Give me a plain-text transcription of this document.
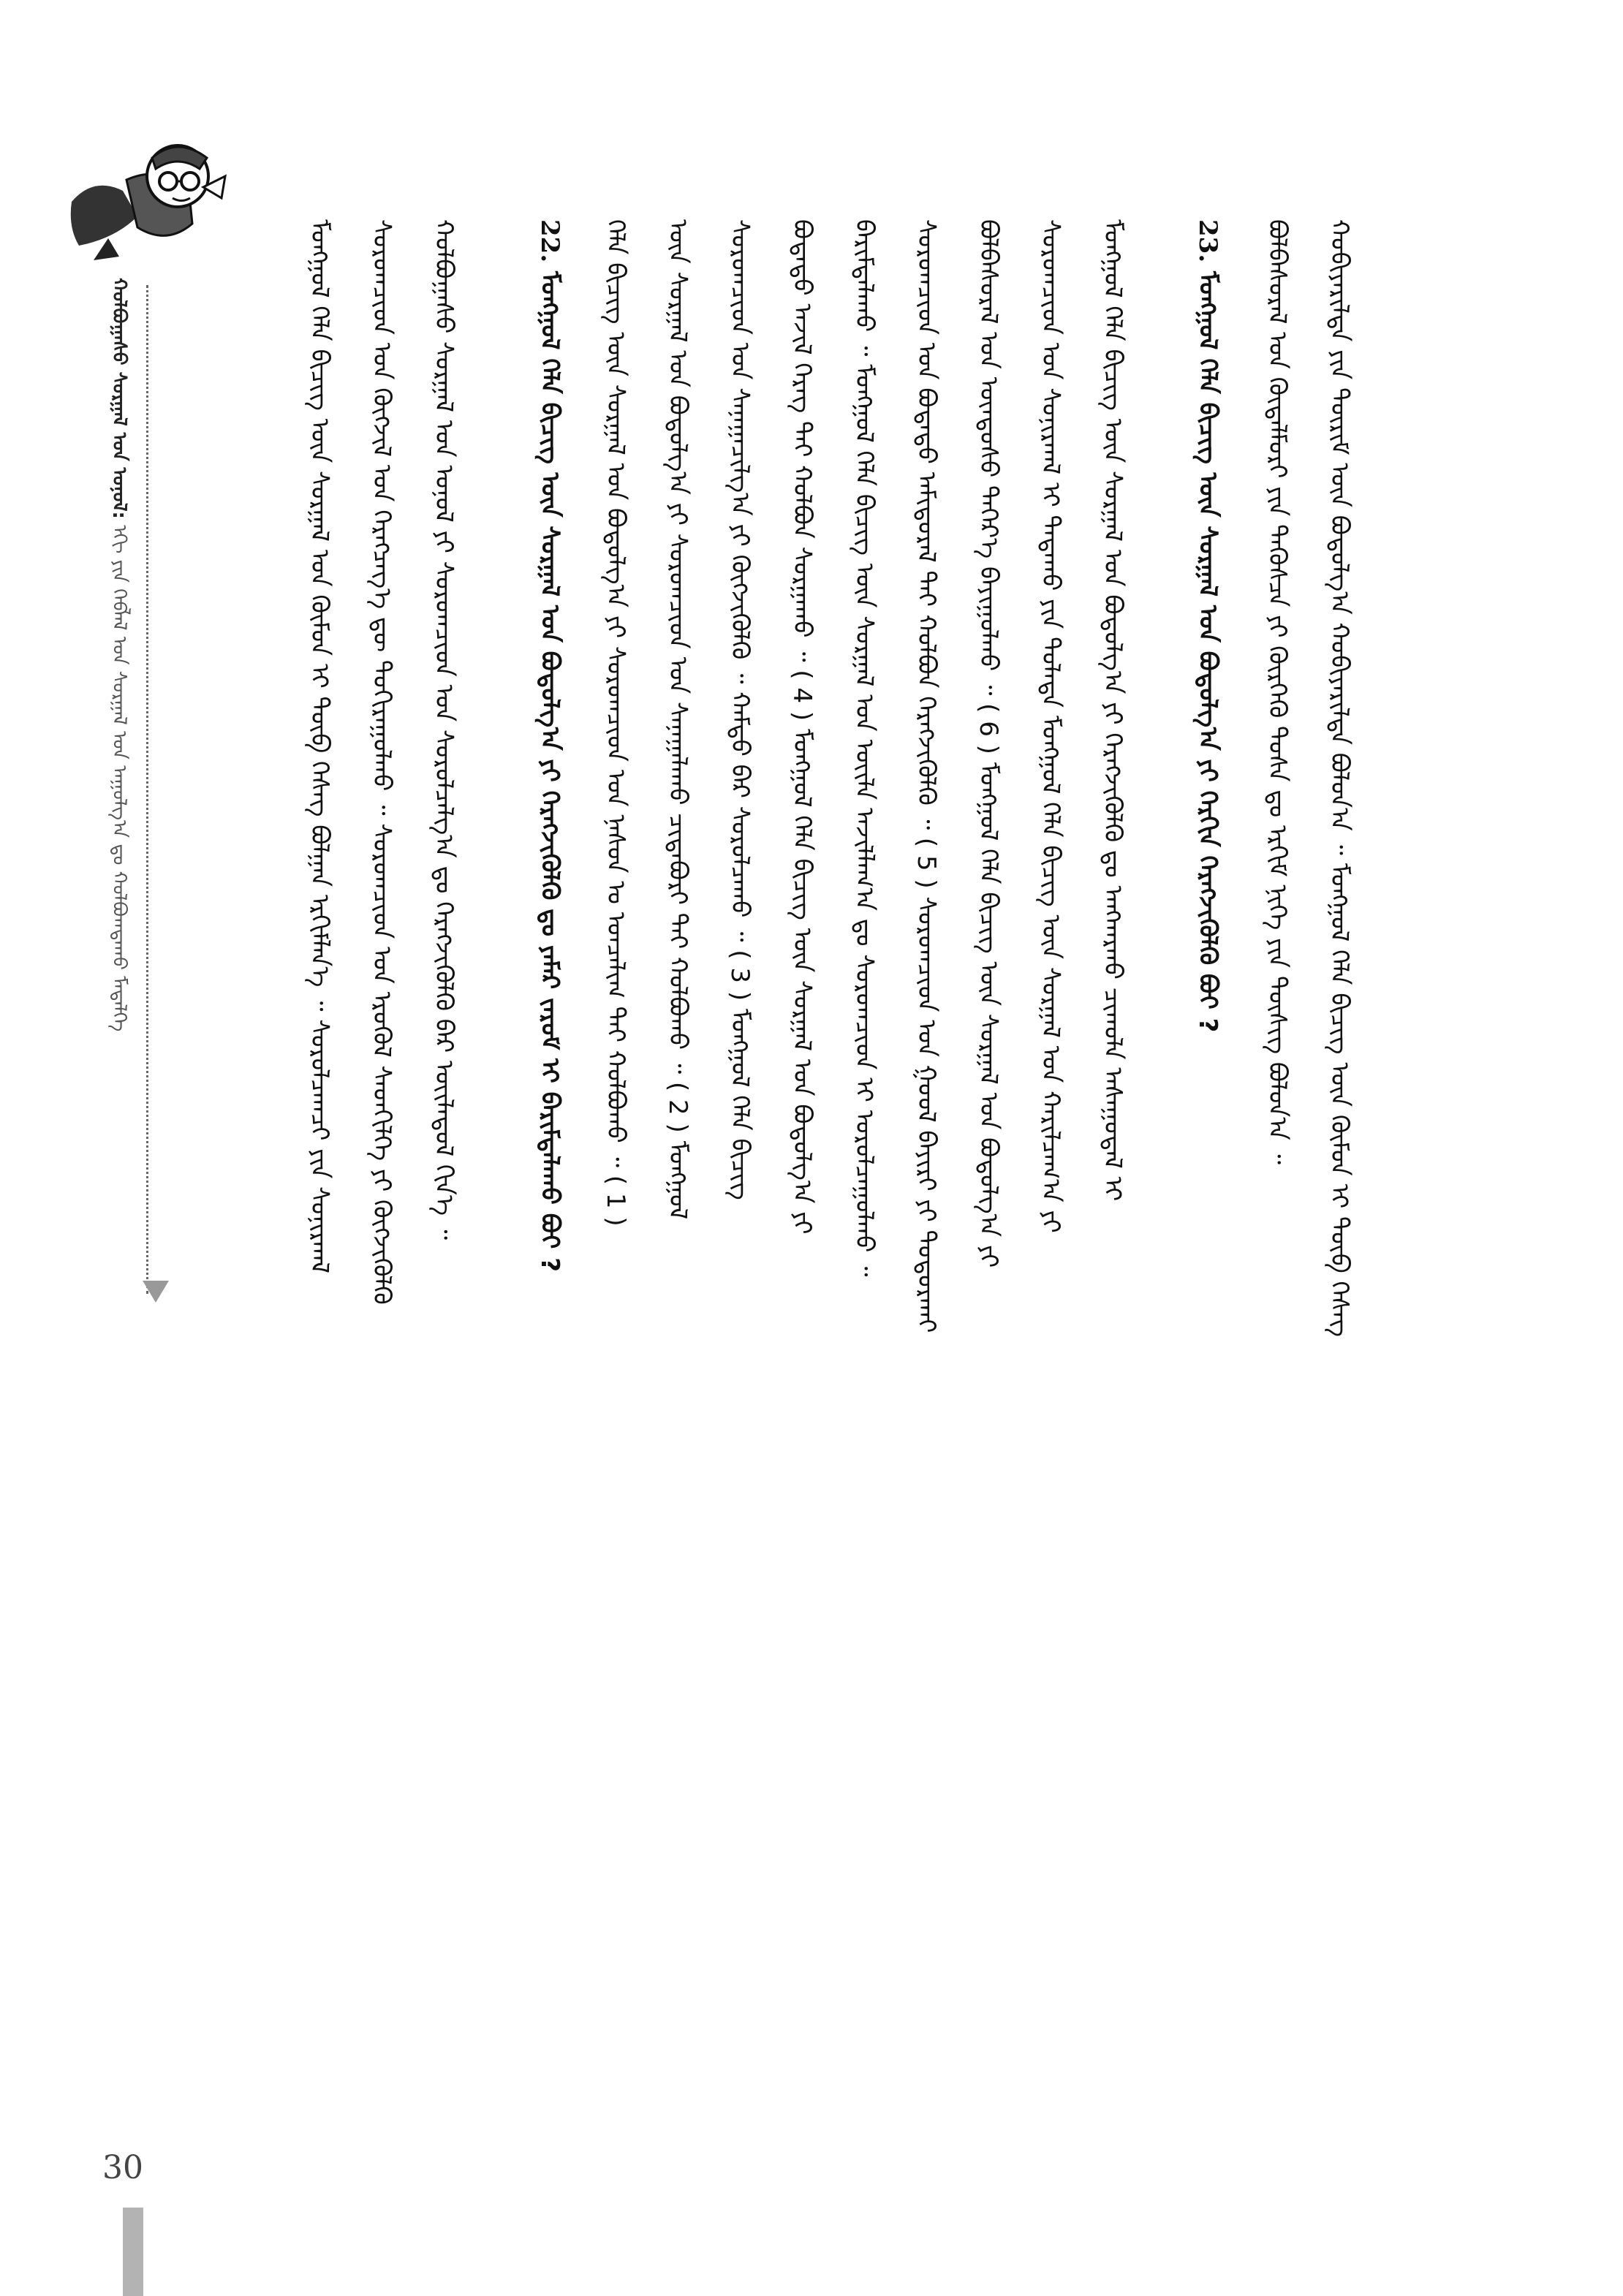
ᠬᠣᠯᠪᠣᠭᠠᠰᠤ ᠰᠤᠷᠭᠠᠯ ᠤᠨ ᠣᠨᠤᠯ: ᠡᠬᠢ ᠶᠢᠨ ᠬᠡᠪᠯᠡᠯ ᠤᠨ ᠰᠤᠷᠭᠠᠯ ᠤᠨ ᠠᠭᠤᠯᠭ᠎ᠠ ᠳᠤ ᠬᠣᠯᠪᠣᠭᠳᠠᠬᠤ ᠮᠡᠳᠡᠯᠭᠡ	ᠬᠤᠪᠢᠶᠠᠷᠢᠯᠳᠠ ᠶᠢᠨ ᠳᠦᠷᠢᠮ ᠦᠨ ᠪᠣᠳᠤᠯᠭ᠎ᠠ ᠬᠤᠪᠢᠶᠠᠷᠢᠯᠳᠠ ᠪᠣᠯᠤᠨ᠎ᠠ ᠃ ᠮᠣᠩᠭᠣᠯ ᠬᠡᠯᠡ ᠪᠢᠴᠢᠭ ᠦᠨ ᠬᠦᠮᠦᠨ ᠢ ᠲᠥᠪ ᠬᠡᠰᠡᠭ
ᠪᠣᠯᠪᠠᠰᠤᠷᠠᠯ ᠤᠨ ᠬᠦᠳᠡᠯᠮᠦᠷᠢ ᠶᠢᠨ ᠲᠡᠭᠦᠰᠴᠡ ᠶᠢ ᠬᠦᠷᠬᠡᠬᠦ ᠲᠤᠰᠠ ᠳᠤ ᠡᠷᠬᠢᠮ ᠨᠢᠭᠡ ᠶᠢᠨ ᠲᠦᠰᠢᠭ ᠪᠣᠯᠤᠨ᠎ᠠ ᠃
23. ᠮᠣᠩᠭᠣᠯ ᠬᠡᠯᠡ ᠪᠢᠴᠢᠭ ᠦᠨ ᠰᠤᠷᠭᠠᠯ ᠤᠨ ᠪᠣᠳᠣᠯᠭ᠎ᠠ ᠶᠢ ᠬᠡᠷᠬᠢᠨ ᠬᠡᠷᠡᠭᠵᠢᠭᠦᠯᠬᠦ ᠪᠤᠢ ?
ᠮᠣᠩᠭᠣᠯ ᠬᠡᠯᠡ ᠪᠢᠴᠢᠭ ᠦᠨ ᠰᠤᠷᠭᠠᠯ ᠤᠨ ᠪᠣᠳᠣᠯᠭ᠎ᠠ ᠶᠢ ᠬᠡᠷᠡᠭᠵᠢᠭᠦᠯᠬᠦ ᠳᠤ ᠠᠩᠬᠠᠷᠬᠤ ᠴᠢᠬᠤᠯᠠ ᠠᠰᠠᠭᠤᠳᠠᠯ ᠢ
ᠰᠤᠷᠤᠭᠴᠢᠳ ᠤᠨ ᠰᠣᠨᠢᠷᠬᠠᠯ ᠢ ᠲᠠᠲᠠᠬᠤ ᠶᠢᠨ ᠲᠤᠯᠠᠳᠠ ᠮᠣᠩᠭᠣᠯ ᠬᠡᠯᠡ ᠪᠢᠴᠢᠭ ᠦᠨ ᠰᠤᠷᠭᠠᠯ ᠤᠨ ᠬᠠᠷᠢᠯᠴᠠᠭ᠎ᠠ ᠶᠢ
ᠪᠣᠯᠪᠠᠰᠤᠷᠠᠯ ᠤᠨ ᠦᠨᠳᠦᠰᠦ ᠳᠡᠭᠡᠷ᠎ᠡ ᠪᠠᠶᠢᠭᠤᠯᠬᠤ ᠃ ( 6 ) ᠮᠣᠩᠭᠣᠯ ᠬᠡᠯᠡ ᠪᠢᠴᠢᠭ ᠦᠨ ᠰᠤᠷᠭᠠᠯ ᠤᠨ ᠪᠣᠳᠣᠯᠭ᠎ᠠ ᠶᠢ
ᠰᠤᠷᠤᠭᠴᠢᠳ ᠤᠨ ᠪᠣᠳᠠᠲᠤ ᠠᠮᠢᠳᠤᠷᠠᠯ ᠲᠠᠢ ᠬᠣᠯᠪᠣᠨ ᠬᠡᠷᠡᠭᠵᠢᠭᠦᠯᠬᠦ ᠃ ( 5 ) ᠰᠤᠷᠤᠭᠴᠢᠳ ᠤᠨ ᠭᠣᠣᠯ ᠪᠠᠶᠢᠷᠢ ᠶᠢ ᠲᠣᠳᠣᠷᠬᠠᠶ
ᠪᠠᠷᠢᠮᠲᠠᠯᠠᠬᠤ ᠃ ᠮᠣᠩᠭᠣᠯ ᠬᠡᠯᠡ ᠪᠢᠴᠢᠭ ᠦᠨ ᠰᠤᠷᠭᠠᠯ ᠤᠨ ᠦᠢᠯᠡ ᠠᠵᠢᠯᠯᠠᠭ᠎ᠠ ᠳᠤ ᠰᠤᠷᠤᠭᠴᠢᠳ ᠢ ᠣᠷᠣᠯᠴᠠᠭᠤᠯᠬᠤ ᠃
ᠪᠣᠳᠠᠲᠤ ᠠᠵᠢᠯ ᠬᠡᠷᠡᠭ ᠲᠡᠢ ᠬᠣᠯᠪᠣᠨ ᠰᠤᠷᠭᠠᠬᠤ ᠃ ( 4 ) ᠮᠣᠩᠭᠣᠯ ᠬᠡᠯᠡ ᠪᠢᠴᠢᠭ ᠦᠨ ᠰᠤᠷᠭᠠᠯ ᠤᠨ ᠪᠣᠳᠣᠯᠭ᠎ᠠ ᠶᠢ
ᠰᠤᠷᠤᠭᠴᠢᠳ ᠤᠨ ᠰᠠᠨᠠᠭᠠᠴᠢᠯᠭ᠎ᠠ ᠶᠢ ᠬᠥᠭᠵᠢᠭᠦᠯᠬᠦ ᠃ ᠬᠠᠮᠲᠤ ᠪᠡᠷ ᠰᠤᠷᠤᠯᠴᠠᠬᠤ ᠃ ( 3 ) ᠮᠣᠩᠭᠣᠯ ᠬᠡᠯᠡ ᠪᠢᠴᠢᠭ
ᠦᠨ ᠰᠤᠷᠭᠠᠯ ᠤᠨ ᠪᠣᠳᠣᠯᠭ᠎ᠠ ᠶᠢ ᠰᠤᠷᠤᠭᠴᠢᠳ ᠤᠨ ᠰᠠᠨᠠᠭᠠᠯᠠᠬᠤ ᠴᠢᠳᠠᠪᠤᠷᠢ ᠲᠠᠢ ᠬᠣᠯᠪᠣᠬᠤ ᠃ ( 2 ) ᠮᠣᠩᠭᠣᠯ
ᠬᠡᠯᠡ ᠪᠢᠴᠢᠭ ᠦᠨ ᠰᠤᠷᠭᠠᠯ ᠤᠨ ᠪᠣᠳᠣᠯᠭ᠎ᠠ ᠶᠢ ᠰᠤᠷᠤᠭᠴᠢᠳ ᠤᠨ ᠨᠠᠰᠤᠨ ᠤ ᠣᠨᠴᠠᠯᠢᠭ ᠲᠠᠢ ᠬᠣᠯᠪᠣᠬᠤ ᠃ ( 1 )
22. ᠮᠣᠩᠭᠣᠯ ᠬᠡᠯᠡ ᠪᠢᠴᠢᠭ ᠦᠨ ᠰᠤᠷᠭᠠᠯ ᠤᠨ ᠪᠣᠳᠣᠯᠭ᠎ᠠ ᠶᠢ ᠬᠡᠷᠡᠭᠵᠢᠭᠦᠯᠬᠦ ᠳᠤ ᠶᠠᠮᠠᠷ ᠵᠠᠷᠣᠮ ᠢ ᠪᠠᠷᠢᠮᠲᠠᠯᠠᠬᠤ ᠪᠤᠢ ?
ᠬᠣᠯᠪᠣᠭᠠᠰᠤ ᠰᠤᠷᠭᠠᠯ ᠤᠨ ᠣᠨᠤᠯ ᠶᠢ ᠰᠤᠷᠤᠭᠴᠢᠳ ᠤᠨ ᠰᠤᠷᠤᠯᠴᠠᠯᠭ᠎ᠠ ᠳᠤ ᠬᠡᠷᠡᠭᠵᠢᠭᠦᠯᠬᠦ ᠪᠠᠷ ᠦᠢᠯᠡᠳᠦᠯ ᠬᠢᠨ᠎ᠡ ᠃
ᠰᠤᠷᠤᠭᠴᠢᠳ ᠤᠨ ᠬᠥᠭᠵᠢᠯ ᠤᠨ ᠬᠡᠷᠡᠭᠴᠡᠭ᠎ᠡ ᠳᠦ ᠲᠣᠬᠢᠷᠠᠭᠤᠯᠬᠤ ᠃ ᠰᠤᠷᠤᠭᠴᠢᠳ ᠤᠨ ᠡᠷᠦᠬᠦᠯ ᠰᠡᠳᠬᠢᠯᠭᠡ ᠶᠢ ᠬᠥᠭᠵᠢᠭᠦᠯᠬᠦ
ᠮᠣᠩᠭᠣᠯ ᠬᠡᠯᠡ ᠪᠢᠴᠢᠭ ᠦᠨ ᠰᠤᠷᠭᠠᠯ ᠤᠨ ᠬᠦᠮᠦᠨ ᠢ ᠲᠥᠪ ᠬᠡᠰᠡᠭ ᠪᠣᠯᠭᠠᠨ ᠡᠷᠬᠢᠮᠯᠡᠨ᠎ᠡ ᠃ ᠰᠤᠷᠤᠯᠴᠠᠭᠴᠢ ᠶᠢᠨ ᠰᠣᠨᠢᠷᠬᠠᠯ
30
